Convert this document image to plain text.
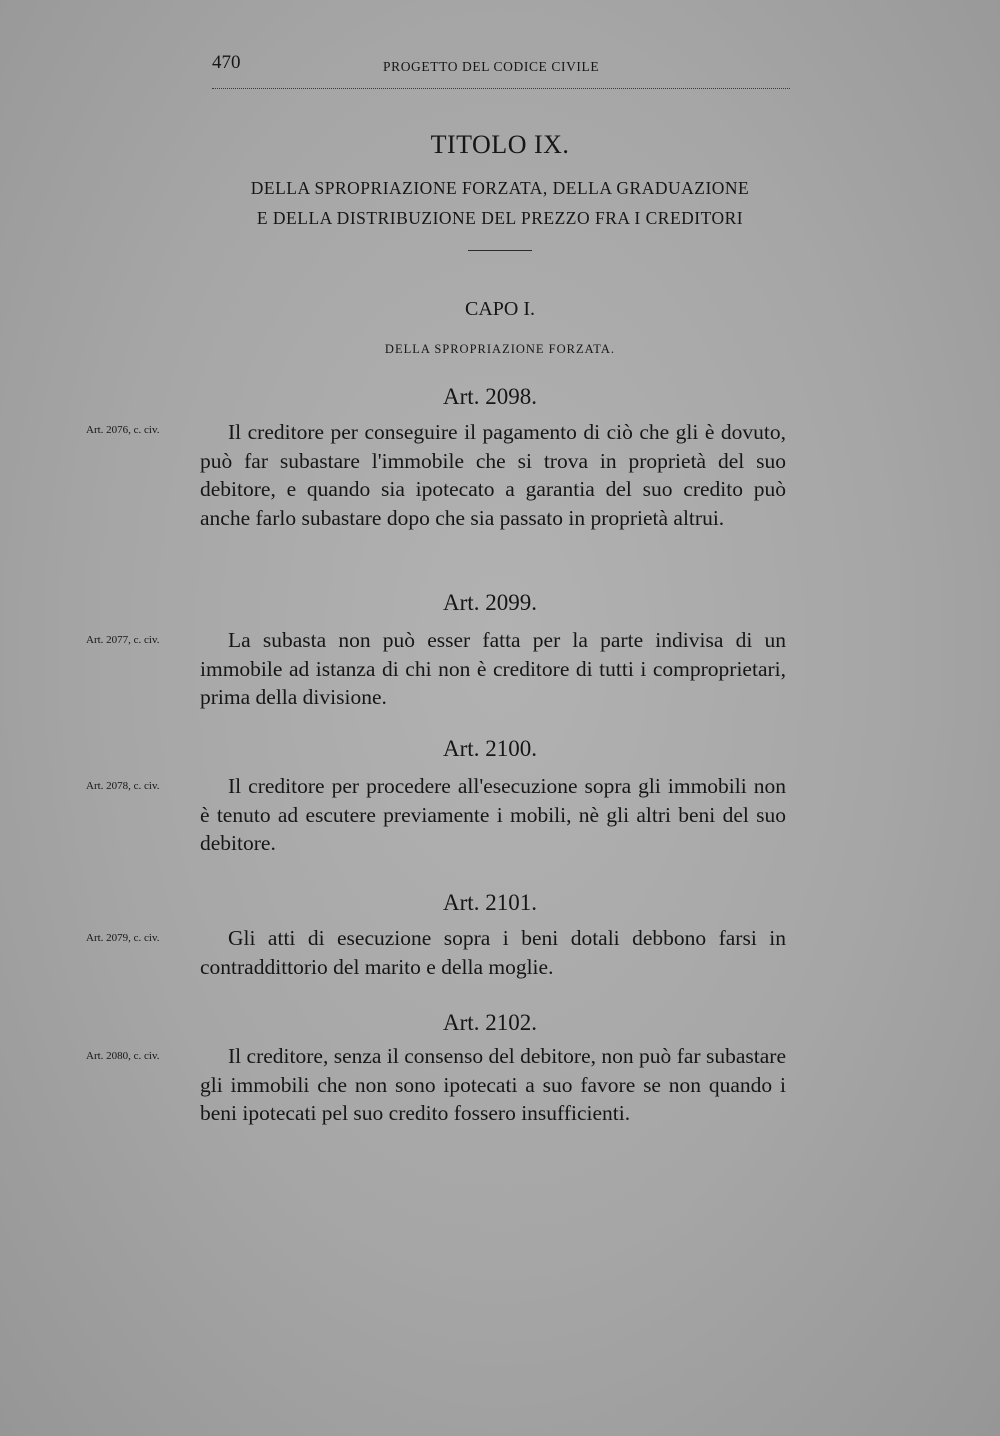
470	PROGETTO DEL CODICE CIVILE
TITOLO IX.
DELLA SPROPRIAZIONE FORZATA, DELLA GRADUAZIONE
E DELLA DISTRIBUZIONE DEL PREZZO FRA I CREDITORI
CAPO I.
DELLA SPROPRIAZIONE FORZATA.
Art. 2098.
Art. 2076, c. civ.	Il creditore per conseguire il pagamento di ciò che gli è dovuto, può far subastare l'immobile che si trova in proprietà del suo debitore, e quando sia ipotecato a garantia del suo credito può anche farlo subastare dopo che sia passato in proprietà altrui.

Art. 2099.
Art. 2077, c. civ.	La subasta non può esser fatta per la parte indivisa di un immobile ad istanza di chi non è creditore di tutti i comproprietari, prima della divisione.

Art. 2100.
Art. 2078, c. civ.	Il creditore per procedere all'esecuzione sopra gli immobili non è tenuto ad escutere previamente i mobili, nè gli altri beni del suo debitore.

Art. 2101.
Art. 2079, c. civ.	Gli atti di esecuzione sopra i beni dotali debbono farsi in contraddittorio del marito e della moglie.

Art. 2102.
Art. 2080, c. civ.	Il creditore, senza il consenso del debitore, non può far subastare gli immobili che non sono ipotecati a suo favore se non quando i beni ipotecati pel suo credito fossero insufficienti.
